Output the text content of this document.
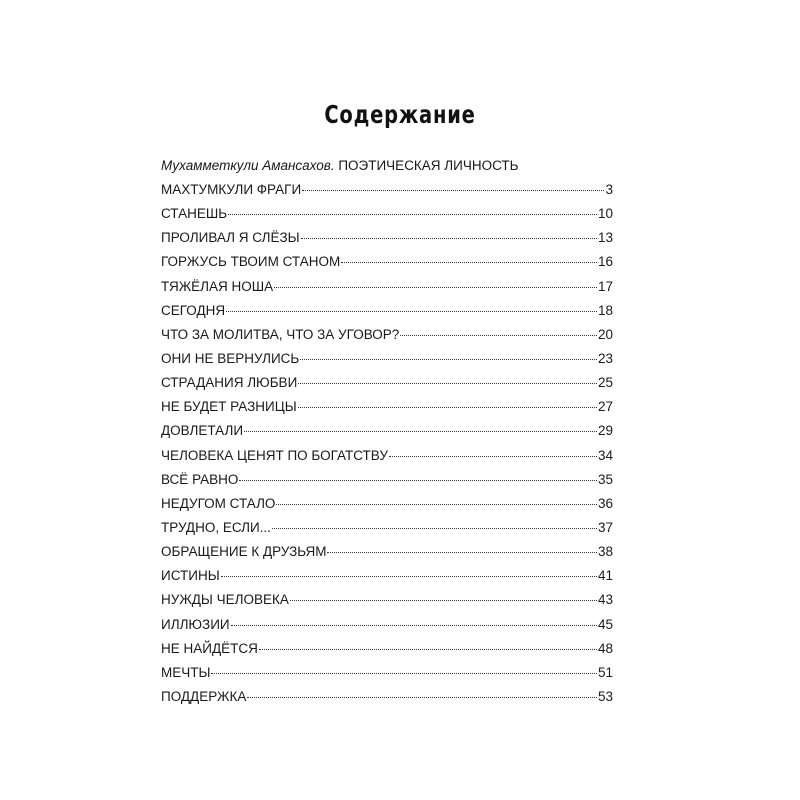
Содержание
Мухамметкули Амансахов. ПОЭТИЧЕСКАЯ ЛИЧНОСТЬ
МАХТУМКУЛИ ФРАГИ	3
СТАНЕШЬ	10
ПРОЛИВАЛ Я СЛЁЗЫ	13
ГОРЖУСЬ ТВОИМ СТАНОМ	16
ТЯЖЁЛАЯ НОША	17
СЕГОДНЯ	18
ЧТО ЗА МОЛИТВА, ЧТО ЗА УГОВОР?	20
ОНИ НЕ ВЕРНУЛИСЬ	23
СТРАДАНИЯ ЛЮБВИ	25
НЕ БУДЕТ РАЗНИЦЫ	27
ДОВЛЕТАЛИ	29
ЧЕЛОВЕКА ЦЕНЯТ ПО БОГАТСТВУ	34
ВСЁ РАВНО	35
НЕДУГОМ СТАЛО	36
ТРУДНО, ЕСЛИ...	37
ОБРАЩЕНИЕ К ДРУЗЬЯМ	38
ИСТИНЫ	41
НУЖДЫ ЧЕЛОВЕКА	43
ИЛЛЮЗИИ	45
НЕ НАЙДЁТСЯ	48
МЕЧТЫ	51
ПОДДЕРЖКА	53
